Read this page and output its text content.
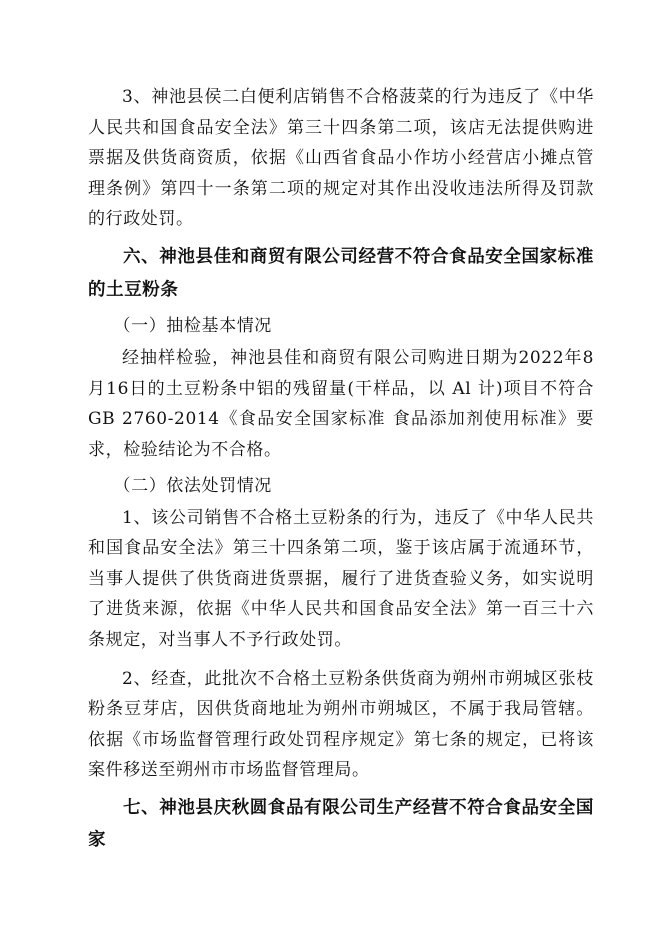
3、神池县侯二白便利店销售不合格菠菜的行为违反了《中华人民共和国食品安全法》第三十四条第二项，该店无法提供购进票据及供货商资质，依据《山西省食品小作坊小经营店小摊点管理条例》第四十一条第二项的规定对其作出没收违法所得及罚款的行政处罚。

六、神池县佳和商贸有限公司经营不符合食品安全国家标准的土豆粉条

（一）抽检基本情况

经抽样检验，神池县佳和商贸有限公司购进日期为2022年8月16日的土豆粉条中铝的残留量(干样品，以 Al 计)项目不符合GB 2760-2014《食品安全国家标准 食品添加剂使用标准》要求，检验结论为不合格。

（二）依法处罚情况

1、该公司销售不合格土豆粉条的行为，违反了《中华人民共和国食品安全法》第三十四条第二项，鉴于该店属于流通环节，当事人提供了供货商进货票据，履行了进货查验义务，如实说明了进货来源，依据《中华人民共和国食品安全法》第一百三十六条规定，对当事人不予行政处罚。

2、经查，此批次不合格土豆粉条供货商为朔州市朔城区张枝粉条豆芽店，因供货商地址为朔州市朔城区，不属于我局管辖。依据《市场监督管理行政处罚程序规定》第七条的规定，已将该案件移送至朔州市市场监督管理局。

七、神池县庆秋圆食品有限公司生产经营不符合食品安全国家
